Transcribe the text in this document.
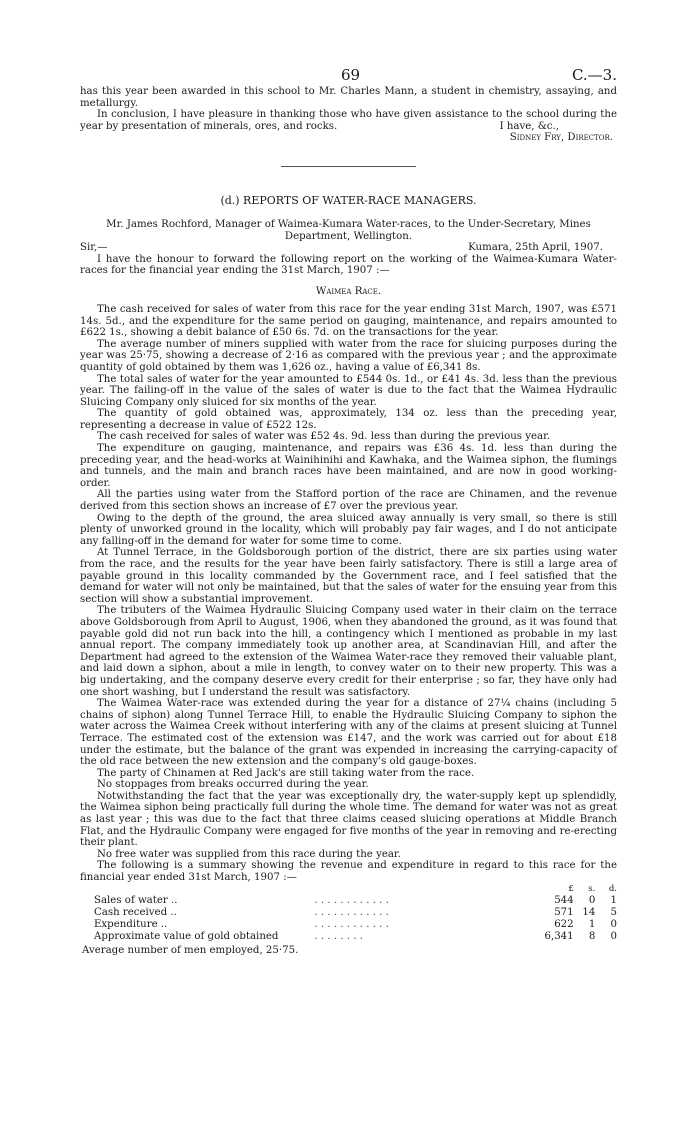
69	C.—3.

has this year been awarded in this school to Mr. Charles Mann, a student in chemistry, assaying, and metallurgy.

In conclusion, I have pleasure in thanking those who have given assistance to the school during the year by presentation of minerals, ores, and rocks.	I have, &c.,

Sidney Fry, Director.

(d.) REPORTS OF WATER-RACE MANAGERS.

Mr. James Rochford, Manager of Waimea-Kumara Water-races, to the Under-Secretary, Mines Department, Wellington.

Sir,—	Kumara, 25th April, 1907.

I have the honour to forward the following report on the working of the Waimea-Kumara Water-races for the financial year ending the 31st March, 1907 :—

Waimea Race.

The cash received for sales of water from this race for the year ending 31st March, 1907, was £571 14s. 5d., and the expenditure for the same period on gauging, maintenance, and repairs amounted to £622 1s., showing a debit balance of £50 6s. 7d. on the transactions for the year.

The average number of miners supplied with water from the race for sluicing purposes during the year was 25·75, showing a decrease of 2·16 as compared with the previous year ; and the approximate quantity of gold obtained by them was 1,626 oz., having a value of £6,341 8s.

The total sales of water for the year amounted to £544 0s. 1d., or £41 4s. 3d. less than the previous year. The failing-off in the value of the sales of water is due to the fact that the Waimea Hydraulic Sluicing Company only sluiced for six months of the year.

The quantity of gold obtained was, approximately, 134 oz. less than the preceding year, representing a decrease in value of £522 12s.

The cash received for sales of water was £52 4s. 9d. less than during the previous year.

The expenditure on gauging, maintenance, and repairs was £36 4s. 1d. less than during the preceding year, and the head-works at Wainihinihi and Kawhaka, and the Waimea siphon, the flumings and tunnels, and the main and branch races have been maintained, and are now in good working-order.

All the parties using water from the Stafford portion of the race are Chinamen, and the revenue derived from this section shows an increase of £7 over the previous year.

Owing to the depth of the ground, the area sluiced away annually is very small, so there is still plenty of unworked ground in the locality, which will probably pay fair wages, and I do not anticipate any falling-off in the demand for water for some time to come.

At Tunnel Terrace, in the Goldsborough portion of the district, there are six parties using water from the race, and the results for the year have been fairly satisfactory. There is still a large area of payable ground in this locality commanded by the Government race, and I feel satisfied that the demand for water will not only be maintained, but that the sales of water for the ensuing year from this section will show a substantial improvement.

The tributers of the Waimea Hydraulic Sluicing Company used water in their claim on the terrace above Goldsborough from April to August, 1906, when they abandoned the ground, as it was found that payable gold did not run back into the hill, a contingency which I mentioned as probable in my last annual report. The company immediately took up another area, at Scandinavian Hill, and after the Department had agreed to the extension of the Waimea Water-race they removed their valuable plant, and laid down a siphon, about a mile in length, to convey water on to their new property. This was a big undertaking, and the company deserve every credit for their enterprise ; so far, they have only had one short washing, but I understand the result was satisfactory.

The Waimea Water-race was extended during the year for a distance of 27¼ chains (including 5 chains of siphon) along Tunnel Terrace Hill, to enable the Hydraulic Sluicing Company to siphon the water across the Waimea Creek without interfering with any of the claims at present sluicing at Tunnel Terrace. The estimated cost of the extension was £147, and the work was carried out for about £18 under the estimate, but the balance of the grant was expended in increasing the carrying-capacity of the old race between the new extension and the company's old gauge-boxes.

The party of Chinamen at Red Jack's are still taking water from the race.

No stoppages from breaks occurred during the year.

Notwithstanding the fact that the year was exceptionally dry, the water-supply kept up splendidly, the Waimea siphon being practically full during the whole time. The demand for water was not as great as last year ; this was due to the fact that three claims ceased sluicing operations at Middle Branch Flat, and the Hydraulic Company were engaged for five months of the year in removing and re-erecting their plant.

No free water was supplied from this race during the year.

The following is a summary showing the revenue and expenditure in regard to this race for the financial year ended 31st March, 1907 :—

		£	s.	d.
Sales of water ..	. . . . . . . . . . . .	544	0	1
Cash received ..	. . . . . . . . . . . .	571	14	5
Expenditure ..	. . . . . . . . . . . .	622	1	0
Approximate value of gold obtained	. . . . . . . .	6,341	8	0

Average number of men employed, 25·75.
